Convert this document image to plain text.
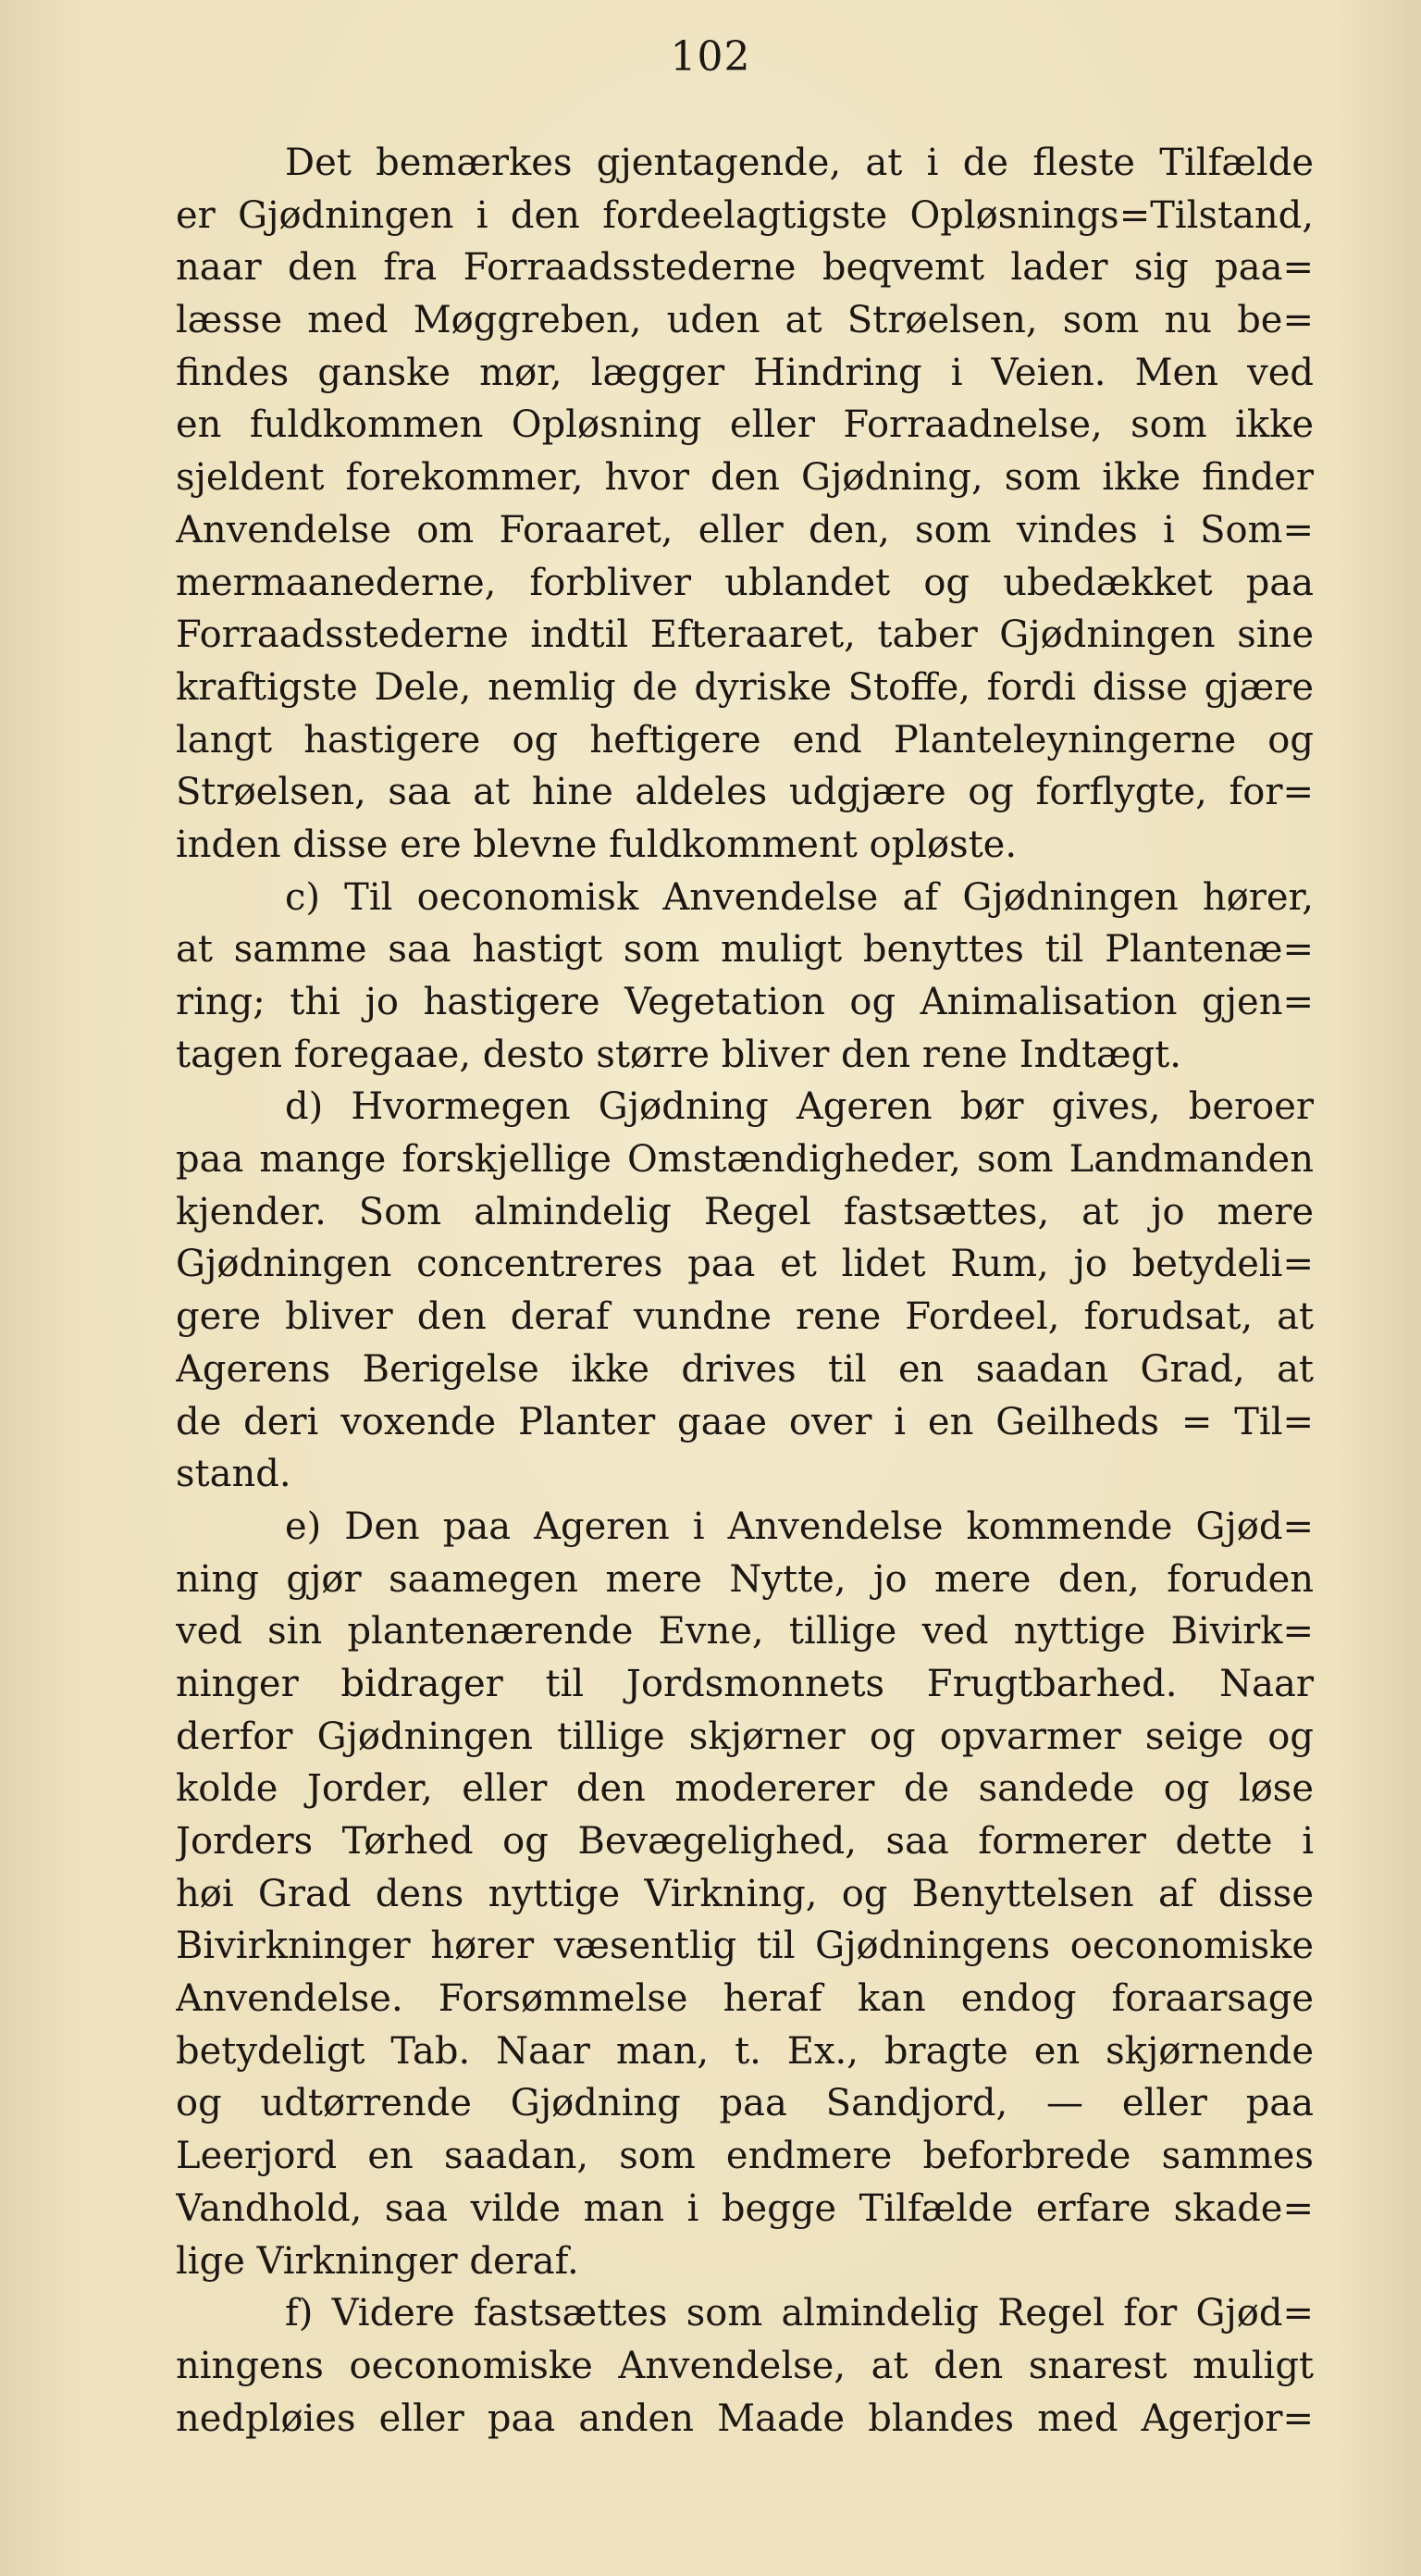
102
Det bemærkes gjentagende, at i de fleste Tilfælde
er Gjødningen i den fordeelagtigste Opløsnings=Tilstand,
naar den fra Forraadsstederne beqvemt lader sig paa=
læsse med Møggreben, uden at Strøelsen, som nu be=
findes ganske mør, lægger Hindring i Veien. Men ved
en fuldkommen Opløsning eller Forraadnelse, som ikke
sjeldent forekommer, hvor den Gjødning, som ikke finder
Anvendelse om Foraaret, eller den, som vindes i Som=
mermaanederne, forbliver ublandet og ubedækket paa
Forraadsstederne indtil Efteraaret, taber Gjødningen sine
kraftigste Dele, nemlig de dyriske Stoffe, fordi disse gjære
langt hastigere og heftigere end Planteleyningerne og
Strøelsen, saa at hine aldeles udgjære og forflygte, for=
inden disse ere blevne fuldkomment opløste.
c) Til oeconomisk Anvendelse af Gjødningen hører,
at samme saa hastigt som muligt benyttes til Plantenæ=
ring; thi jo hastigere Vegetation og Animalisation gjen=
tagen foregaae, desto større bliver den rene Indtægt.
d) Hvormegen Gjødning Ageren bør gives, beroer
paa mange forskjellige Omstændigheder, som Landmanden
kjender. Som almindelig Regel fastsættes, at jo mere
Gjødningen concentreres paa et lidet Rum, jo betydeli=
gere bliver den deraf vundne rene Fordeel, forudsat, at
Agerens Berigelse ikke drives til en saadan Grad, at
de deri voxende Planter gaae over i en Geilheds = Til=
stand.
e) Den paa Ageren i Anvendelse kommende Gjød=
ning gjør saamegen mere Nytte, jo mere den, foruden
ved sin plantenærende Evne, tillige ved nyttige Bivirk=
ninger bidrager til Jordsmonnets Frugtbarhed. Naar
derfor Gjødningen tillige skjørner og opvarmer seige og
kolde Jorder, eller den modererer de sandede og løse
Jorders Tørhed og Bevægelighed, saa formerer dette i
høi Grad dens nyttige Virkning, og Benyttelsen af disse
Bivirkninger hører væsentlig til Gjødningens oeconomiske
Anvendelse. Forsømmelse heraf kan endog foraarsage
betydeligt Tab. Naar man, t. Ex., bragte en skjørnende
og udtørrende Gjødning paa Sandjord, — eller paa
Leerjord en saadan, som endmere beforbrede sammes
Vandhold, saa vilde man i begge Tilfælde erfare skade=
lige Virkninger deraf.
f) Videre fastsættes som almindelig Regel for Gjød=
ningens oeconomiske Anvendelse, at den snarest muligt
nedpløies eller paa anden Maade blandes med Agerjor=
